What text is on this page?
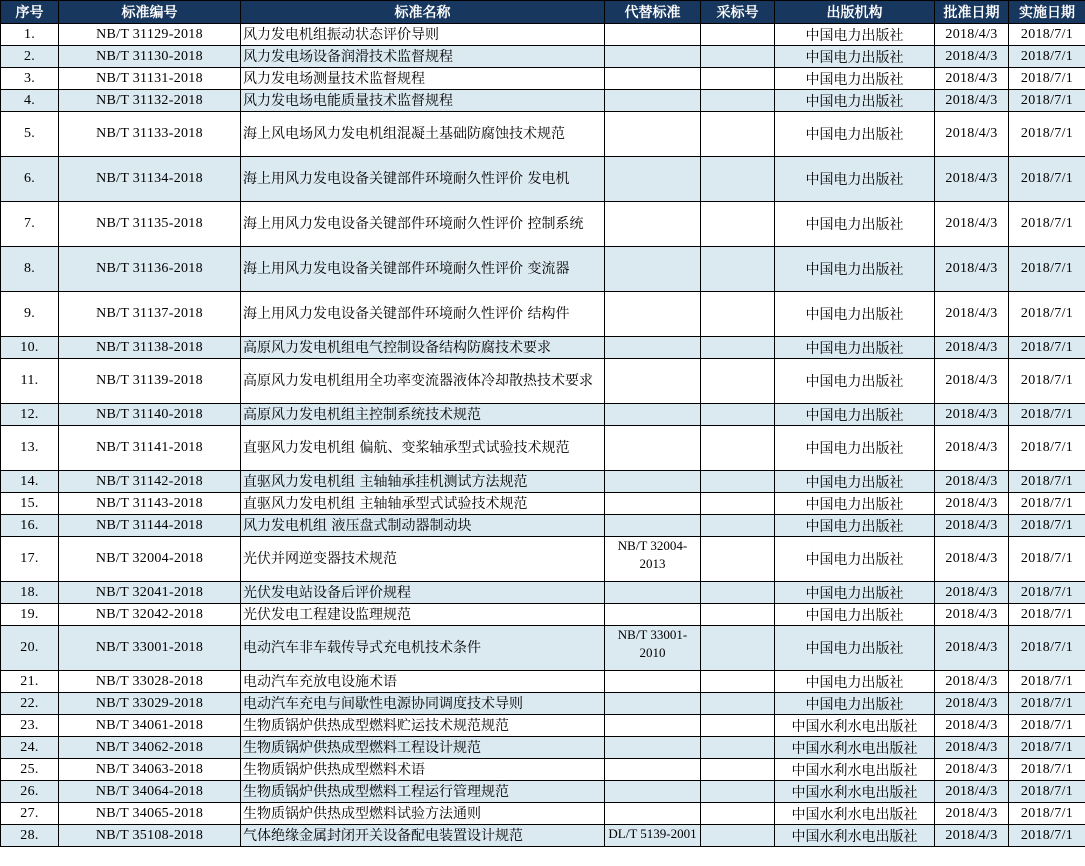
序号	标准编号	标准名称	代替标准	采标号	出版机构	批准日期	实施日期
1.	NB/T 31129-2018	风力发电机组振动状态评价导则			中国电力出版社	2018/4/3	2018/7/1
2.	NB/T 31130-2018	风力发电场设备润滑技术监督规程			中国电力出版社	2018/4/3	2018/7/1
3.	NB/T 31131-2018	风力发电场测量技术监督规程			中国电力出版社	2018/4/3	2018/7/1
4.	NB/T 31132-2018	风力发电场电能质量技术监督规程			中国电力出版社	2018/4/3	2018/7/1
5.	NB/T 31133-2018	海上风电场风力发电机组混凝土基础防腐蚀技术规范			中国电力出版社	2018/4/3	2018/7/1
6.	NB/T 31134-2018	海上用风力发电设备关键部件环境耐久性评价 发电机			中国电力出版社	2018/4/3	2018/7/1
7.	NB/T 31135-2018	海上用风力发电设备关键部件环境耐久性评价 控制系统			中国电力出版社	2018/4/3	2018/7/1
8.	NB/T 31136-2018	海上用风力发电设备关键部件环境耐久性评价 变流器			中国电力出版社	2018/4/3	2018/7/1
9.	NB/T 31137-2018	海上用风力发电设备关键部件环境耐久性评价 结构件			中国电力出版社	2018/4/3	2018/7/1
10.	NB/T 31138-2018	高原风力发电机组电气控制设备结构防腐技术要求			中国电力出版社	2018/4/3	2018/7/1
11.	NB/T 31139-2018	高原风力发电机组用全功率变流器液体冷却散热技术要求			中国电力出版社	2018/4/3	2018/7/1
12.	NB/T 31140-2018	高原风力发电机组主控制系统技术规范			中国电力出版社	2018/4/3	2018/7/1
13.	NB/T 31141-2018	直驱风力发电机组 偏航、变桨轴承型式试验技术规范			中国电力出版社	2018/4/3	2018/7/1
14.	NB/T 31142-2018	直驱风力发电机组 主轴轴承挂机测试方法规范			中国电力出版社	2018/4/3	2018/7/1
15.	NB/T 31143-2018	直驱风力发电机组 主轴轴承型式试验技术规范			中国电力出版社	2018/4/3	2018/7/1
16.	NB/T 31144-2018	风力发电机组 液压盘式制动器制动块			中国电力出版社	2018/4/3	2018/7/1
17.	NB/T 32004-2018	光伏并网逆变器技术规范	NB/T 32004-2013		中国电力出版社	2018/4/3	2018/7/1
18.	NB/T 32041-2018	光伏发电站设备后评价规程			中国电力出版社	2018/4/3	2018/7/1
19.	NB/T 32042-2018	光伏发电工程建设监理规范			中国电力出版社	2018/4/3	2018/7/1
20.	NB/T 33001-2018	电动汽车非车载传导式充电机技术条件	NB/T 33001-2010		中国电力出版社	2018/4/3	2018/7/1
21.	NB/T 33028-2018	电动汽车充放电设施术语			中国电力出版社	2018/4/3	2018/7/1
22.	NB/T 33029-2018	电动汽车充电与间歇性电源协同调度技术导则			中国电力出版社	2018/4/3	2018/7/1
23.	NB/T 34061-2018	生物质锅炉供热成型燃料贮运技术规范规范			中国水利水电出版社	2018/4/3	2018/7/1
24.	NB/T 34062-2018	生物质锅炉供热成型燃料工程设计规范			中国水利水电出版社	2018/4/3	2018/7/1
25.	NB/T 34063-2018	生物质锅炉供热成型燃料术语			中国水利水电出版社	2018/4/3	2018/7/1
26.	NB/T 34064-2018	生物质锅炉供热成型燃料工程运行管理规范			中国水利水电出版社	2018/4/3	2018/7/1
27.	NB/T 34065-2018	生物质锅炉供热成型燃料试验方法通则			中国水利水电出版社	2018/4/3	2018/7/1
28.	NB/T 35108-2018	气体绝缘金属封闭开关设备配电装置设计规范	DL/T 5139-2001		中国水利水电出版社	2018/4/3	2018/7/1
